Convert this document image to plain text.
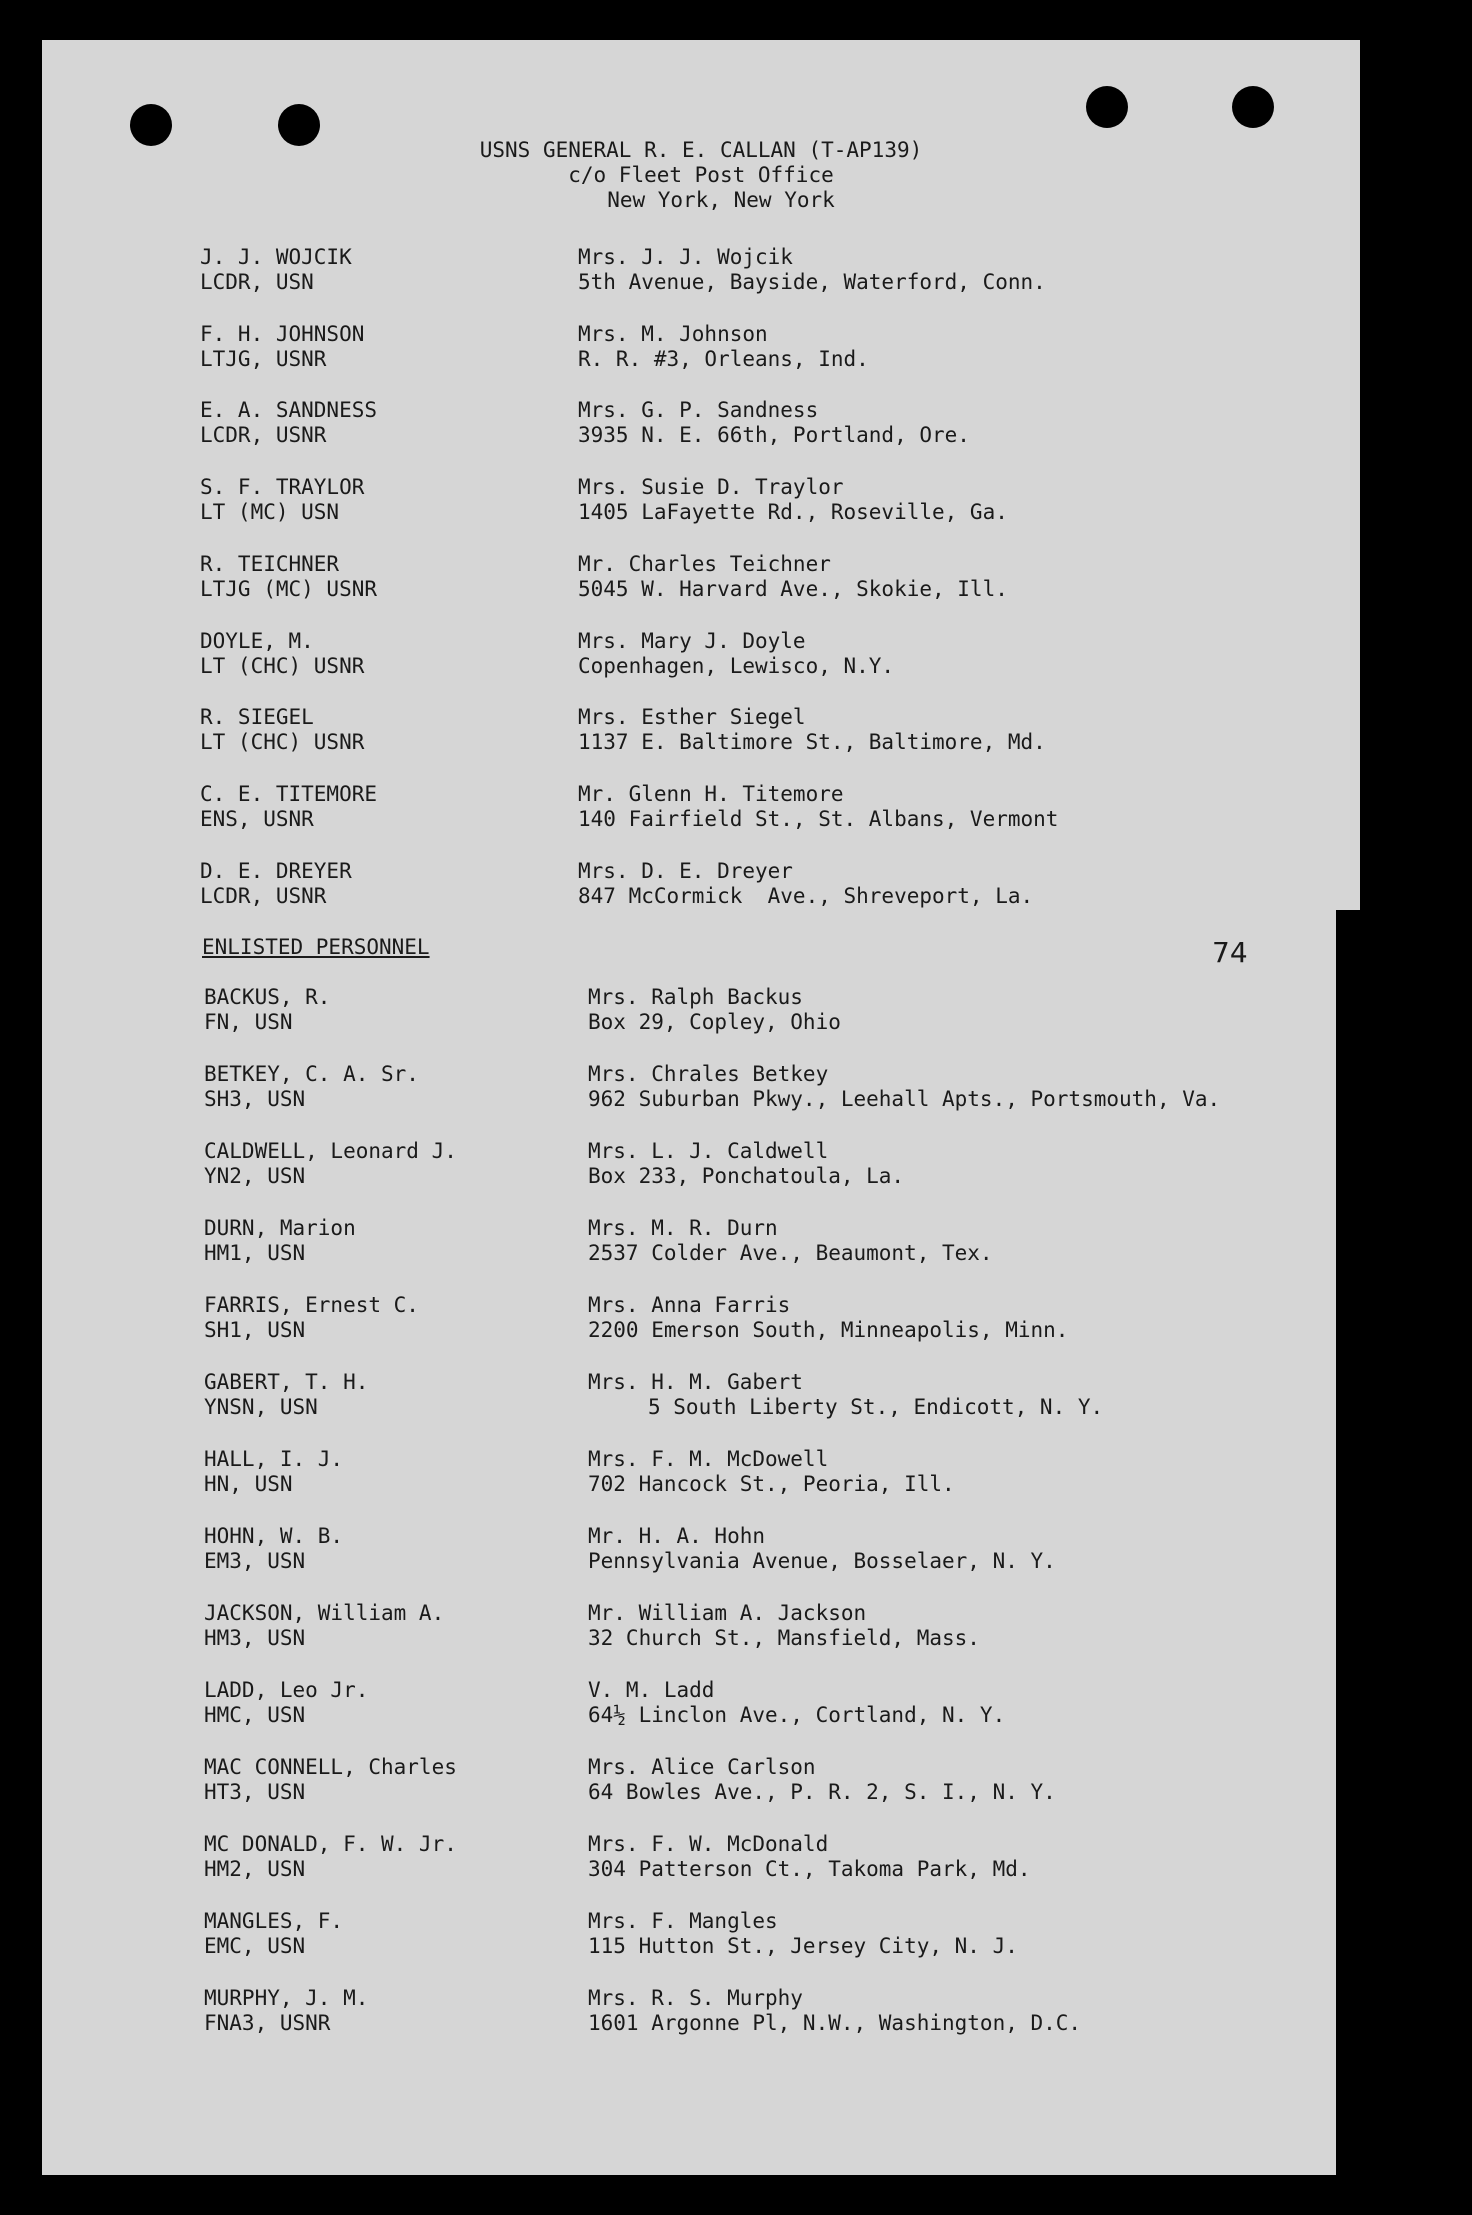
USNS GENERAL R. E. CALLAN (T-AP139)
c/o Fleet Post Office
New York, New York
J. J. WOJCIK
LCDR, USN
Mrs. J. J. Wojcik
5th Avenue, Bayside, Waterford, Conn.
F. H. JOHNSON
LTJG, USNR
Mrs. M. Johnson
R. R. #3, Orleans, Ind.
E. A. SANDNESS
LCDR, USNR
Mrs. G. P. Sandness
3935 N. E. 66th, Portland, Ore.
S. F. TRAYLOR
LT (MC) USN
Mrs. Susie D. Traylor
1405 LaFayette Rd., Roseville, Ga.
R. TEICHNER
LTJG (MC) USNR
Mr. Charles Teichner
5045 W. Harvard Ave., Skokie, Ill.
DOYLE, M.
LT (CHC) USNR
Mrs. Mary J. Doyle
Copenhagen, Lewisco, N.Y.
R. SIEGEL
LT (CHC) USNR
Mrs. Esther Siegel
1137 E. Baltimore St., Baltimore, Md.
C. E. TITEMORE
ENS, USNR
Mr. Glenn H. Titemore
140 Fairfield St., St. Albans, Vermont
D. E. DREYER
LCDR, USNR
Mrs. D. E. Dreyer
847 McCormick  Ave., Shreveport, La.
ENLISTED PERSONNEL	74
BACKUS, R.
FN, USN
Mrs. Ralph Backus
Box 29, Copley, Ohio
BETKEY, C. A. Sr.
SH3, USN
Mrs. Chrales Betkey
962 Suburban Pkwy., Leehall Apts., Portsmouth, Va.
CALDWELL, Leonard J.
YN2, USN
Mrs. L. J. Caldwell
Box 233, Ponchatoula, La.
DURN, Marion
HM1, USN
Mrs. M. R. Durn
2537 Colder Ave., Beaumont, Tex.
FARRIS, Ernest C.
SH1, USN
Mrs. Anna Farris
2200 Emerson South, Minneapolis, Minn.
GABERT, T. H.
YNSN, USN
Mrs. H. M. Gabert
5 South Liberty St., Endicott, N. Y.
HALL, I. J.
HN, USN
Mrs. F. M. McDowell
702 Hancock St., Peoria, Ill.
HOHN, W. B.
EM3, USN
Mr. H. A. Hohn
Pennsylvania Avenue, Bosselaer, N. Y.
JACKSON, William A.
HM3, USN
Mr. William A. Jackson
32 Church St., Mansfield, Mass.
LADD, Leo Jr.
HMC, USN
V. M. Ladd
64½ Linclon Ave., Cortland, N. Y.
MAC CONNELL, Charles
HT3, USN
Mrs. Alice Carlson
64 Bowles Ave., P. R. 2, S. I., N. Y.
MC DONALD, F. W. Jr.
HM2, USN
Mrs. F. W. McDonald
304 Patterson Ct., Takoma Park, Md.
MANGLES, F.
EMC, USN
Mrs. F. Mangles
115 Hutton St., Jersey City, N. J.
MURPHY, J. M.
FNA3, USNR
Mrs. R. S. Murphy
1601 Argonne Pl, N.W., Washington, D.C.
